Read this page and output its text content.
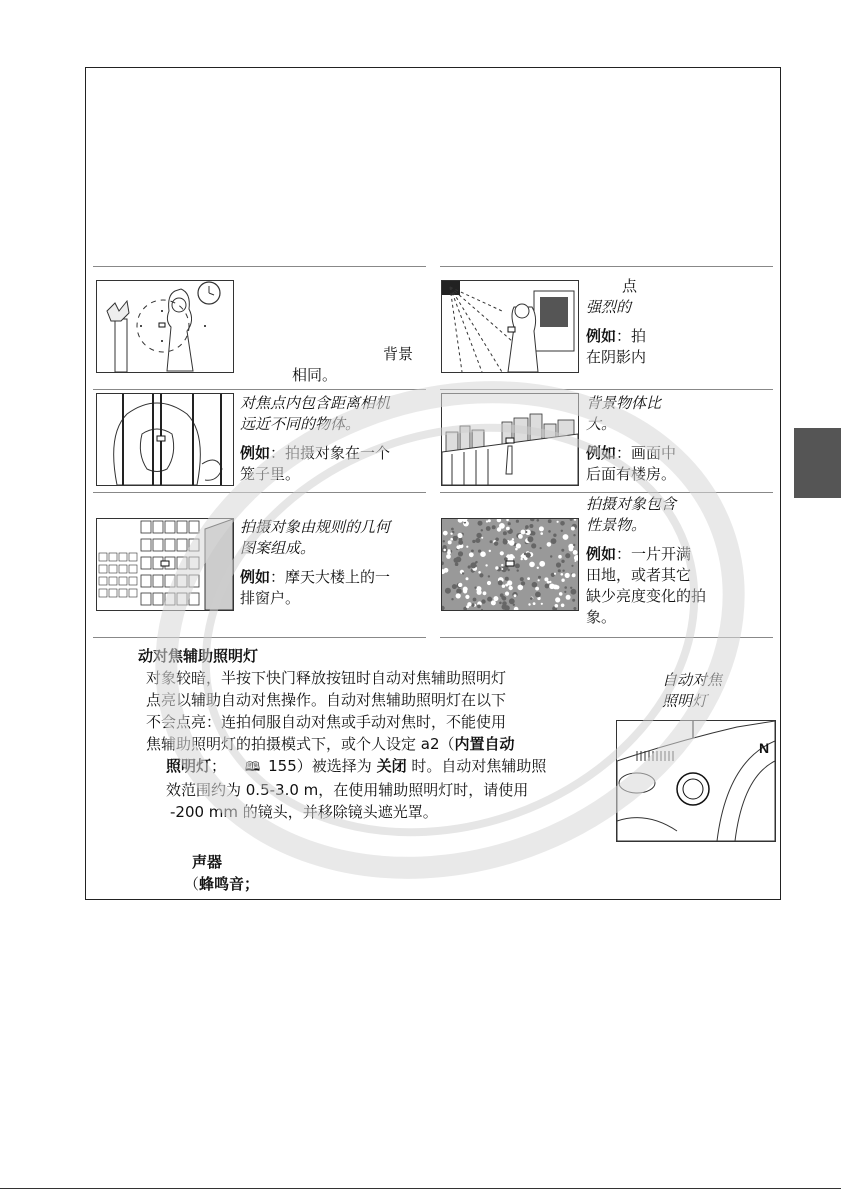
背景
相同。
点
强烈的
例如：拍
在阴影内
对焦点内包含距离相机
远近不同的物体。
例如：拍摄对象在一个
笼子里。
背景物体比
大。
例如：画面中
后面有楼房。
拍摄对象由规则的几何
图案组成。
例如：摩天大楼上的一
排窗户。
拍摄对象包含
性景物。
例如：一片开满
田地，或者其它
缺少亮度变化的拍
象。
动对焦辅助照明灯
对象较暗，半按下快门释放按钮时自动对焦辅助照明灯
点亮以辅助自动对焦操作。自动对焦辅助照明灯在以下
不会点亮：连拍伺服自动对焦或手动对焦时，不能使用
焦辅助照明灯的拍摄模式下，或个人设定 a2（内置自动
照明灯； 🕮 155）被选择为 关闭 时。自动对焦辅助照
效范围约为 0.5-3.0 m，在使用辅助照明灯时，请使用
-200 mm 的镜头，并移除镜头遮光罩。
自动对焦
照明灯
N
声器
（蜂鸣音；
